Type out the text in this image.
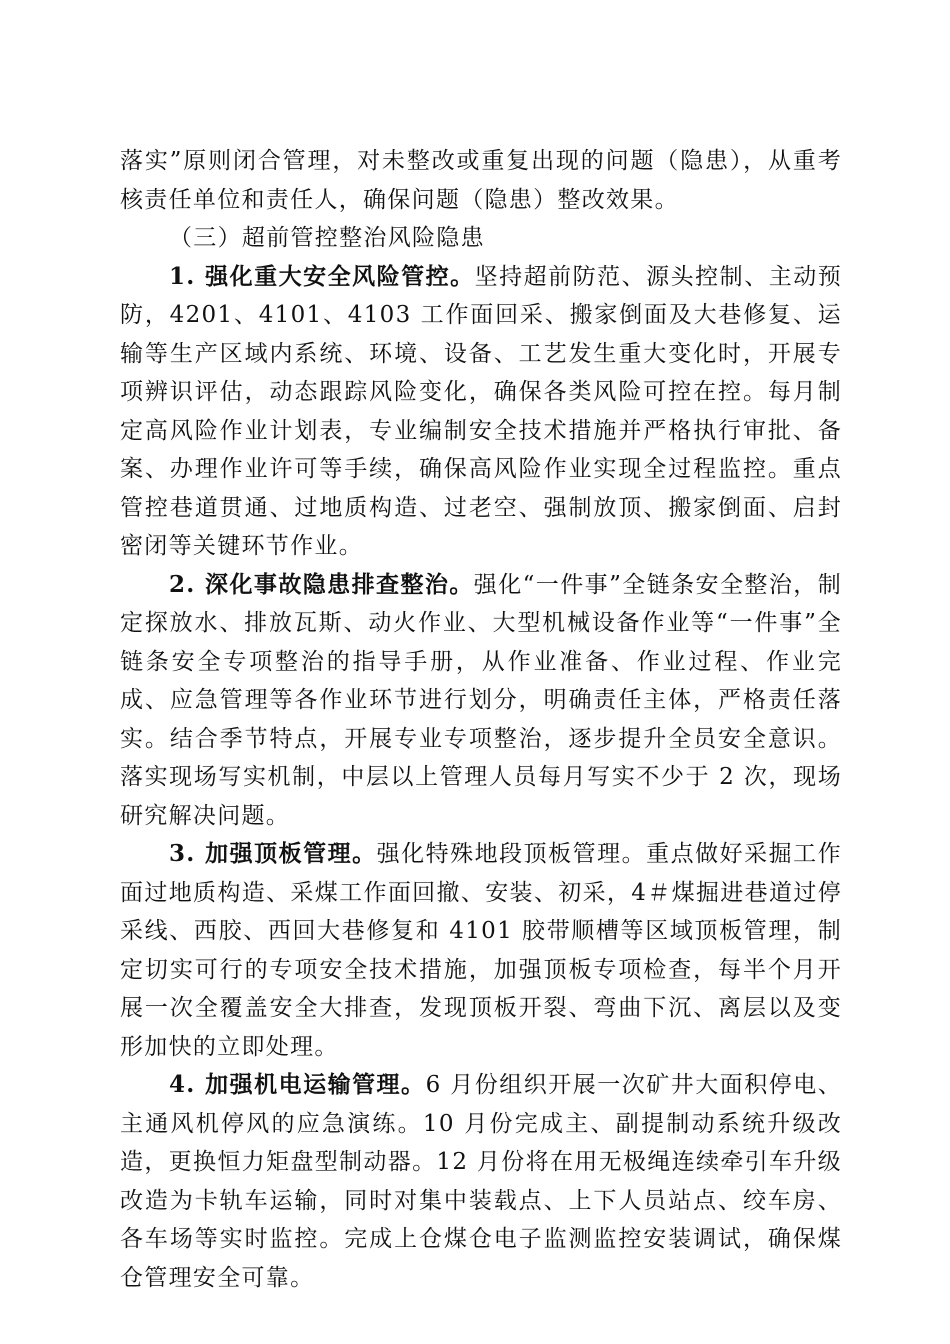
落实”原则闭合管理，对未整改或重复出现的问题（隐患），从重考核责任单位和责任人，确保问题（隐患）整改效果。

（三）超前管控整治风险隐患

1. 强化重大安全风险管控。坚持超前防范、源头控制、主动预防，4201、4101、4103 工作面回采、搬家倒面及大巷修复、运输等生产区域内系统、环境、设备、工艺发生重大变化时，开展专项辨识评估，动态跟踪风险变化，确保各类风险可控在控。每月制定高风险作业计划表，专业编制安全技术措施并严格执行审批、备案、办理作业许可等手续，确保高风险作业实现全过程监控。重点管控巷道贯通、过地质构造、过老空、强制放顶、搬家倒面、启封密闭等关键环节作业。

2. 深化事故隐患排查整治。强化“一件事”全链条安全整治，制定探放水、排放瓦斯、动火作业、大型机械设备作业等“一件事”全链条安全专项整治的指导手册，从作业准备、作业过程、作业完成、应急管理等各作业环节进行划分，明确责任主体，严格责任落实。结合季节特点，开展专业专项整治，逐步提升全员安全意识。落实现场写实机制，中层以上管理人员每月写实不少于 2 次，现场研究解决问题。

3. 加强顶板管理。强化特殊地段顶板管理。重点做好采掘工作面过地质构造、采煤工作面回撤、安装、初采，4＃煤掘进巷道过停采线、西胶、西回大巷修复和 4101 胶带顺槽等区域顶板管理，制定切实可行的专项安全技术措施，加强顶板专项检查，每半个月开展一次全覆盖安全大排查，发现顶板开裂、弯曲下沉、离层以及变形加快的立即处理。

4. 加强机电运输管理。6 月份组织开展一次矿井大面积停电、主通风机停风的应急演练。10 月份完成主、副提制动系统升级改造，更换恒力矩盘型制动器。12 月份将在用无极绳连续牵引车升级改造为卡轨车运输，同时对集中装载点、上下人员站点、绞车房、各车场等实时监控。完成上仓煤仓电子监测监控安装调试，确保煤仓管理安全可靠。
